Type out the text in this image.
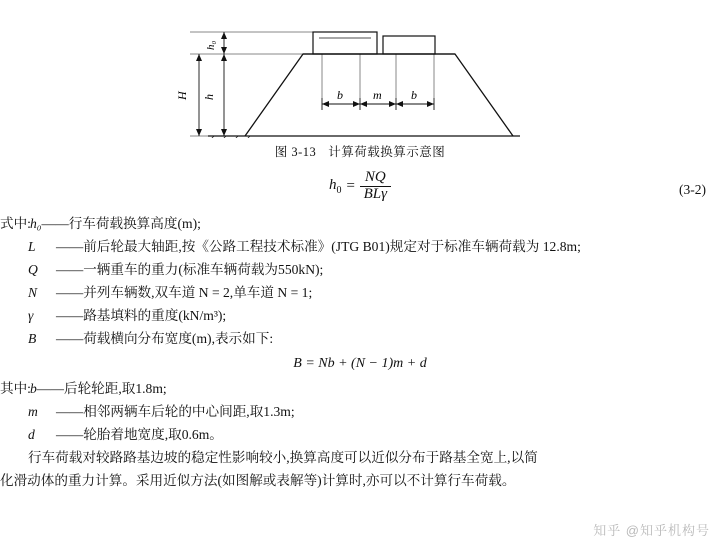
H h
h₀
b	m b
图 3-13 计算荷载换算示意图
$h_0 = \frac{NQ}{\text{BLγ}}$	(3-2)
式中: h₀——行车荷载换算高度(m);
L ——前后轮最大轴距,按《公路工程技术标准》(JTG B01)规定对于标准车辆荷载为 12.8m;
Q ——一辆重车的重力(标准车辆荷载为550kN);
N ——并列车辆数,双车道 N = 2,单车道 N = 1;
γ ——路基填料的重度(kN/m³);
B ——荷载横向分布宽度(m),表示如下:
B = Nb + (N − 1)m + d
其中: b——后轮轮距,取1.8m;
m ——相邻两辆车后轮的中心间距,取1.3m;
d ——轮胎着地宽度,取0.6m。
行车荷载对较路路基边坡的稳定性影响较小,换算高度可以近似分布于路基全宽上,以简
化滑动体的重力计算。采用近似方法(如图解或表解等)计算时,亦可以不计算行车荷载。
知乎 @知乎机构号
